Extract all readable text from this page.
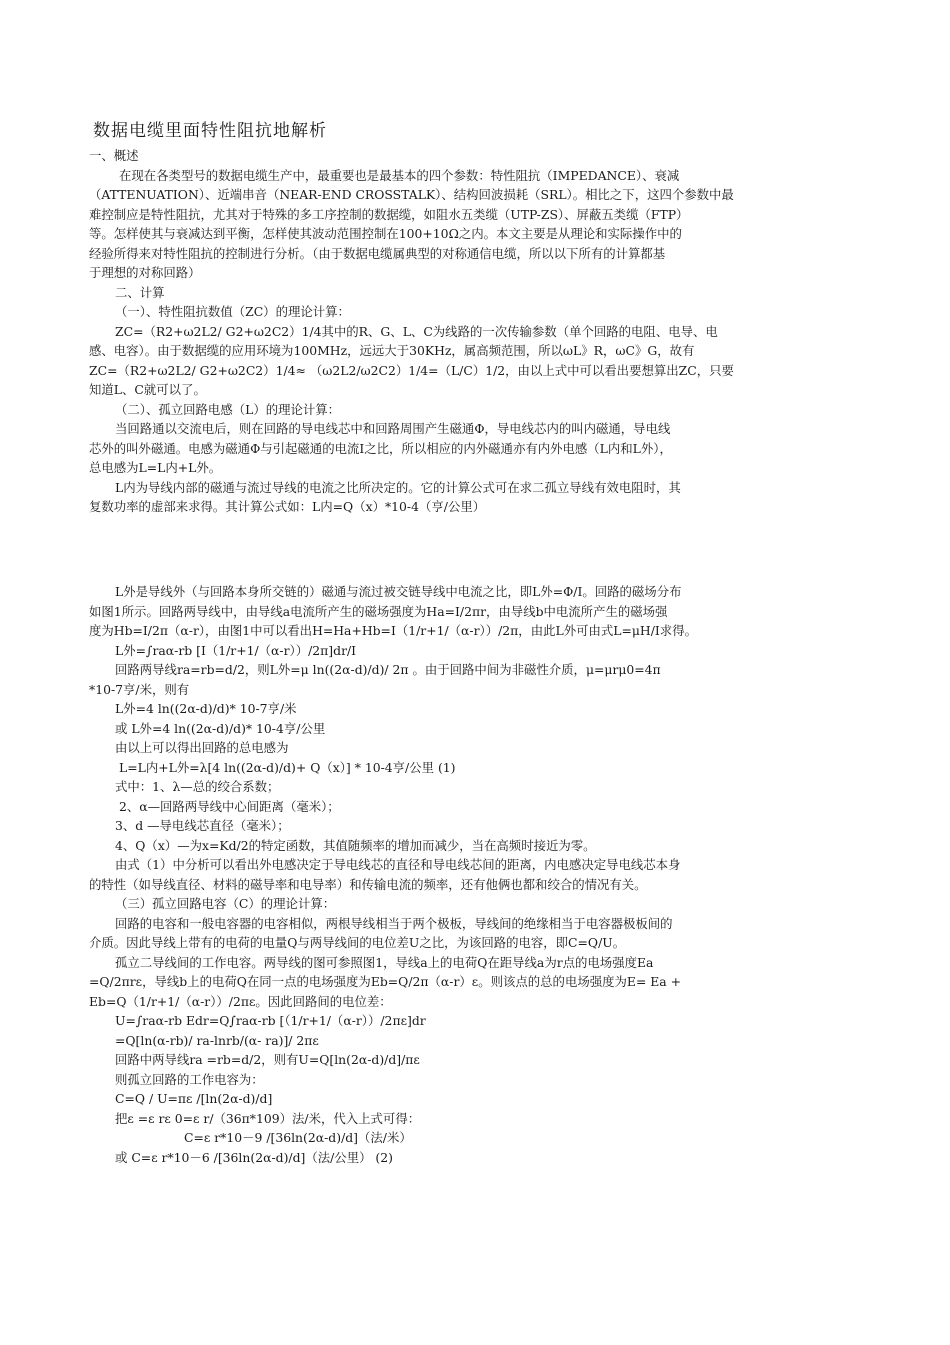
数据电缆里面特性阻抗地解析
一、概述
在现在各类型号的数据电缆生产中，最重要也是最基本的四个参数：特性阻抗（IMPEDANCE）、衰减
（ATTENUATION）、近端串音（NEAR-END CROSSTALK）、结构回波损耗（SRL）。相比之下，这四个参数中最
难控制应是特性阻抗，尤其对于特殊的多工序控制的数据缆，如阻水五类缆（UTP-ZS）、屏蔽五类缆（FTP）
等。怎样使其与衰减达到平衡，怎样使其波动范围控制在100+10Ω之内。本文主要是从理论和实际操作中的
经验所得来对特性阻抗的控制进行分析。（由于数据电缆属典型的对称通信电缆，所以以下所有的计算都基
于理想的对称回路）
二、计算
（一）、特性阻抗数值（ZC）的理论计算：
ZC=（R2+ω2L2/ G2+ω2C2）1/4其中的R、G、L、C为线路的一次传输参数（单个回路的电阻、电导、电
感、电容）。由于数据缆的应用环境为100MHz，远远大于30KHz，属高频范围，所以ωL》R，ωC》G，故有
ZC=（R2+ω2L2/ G2+ω2C2）1/4≈ （ω2L2/ω2C2）1/4=（L/C）1/2，由以上式中可以看出要想算出ZC，只要
知道L、C就可以了。
（二）、孤立回路电感（L）的理论计算：
当回路通以交流电后，则在回路的导电线芯中和回路周围产生磁通Φ，导电线芯内的叫内磁通，导电线
芯外的叫外磁通。电感为磁通Φ与引起磁通的电流I之比，所以相应的内外磁通亦有内外电感（L内和L外），
总电感为L=L内+L外。
L内为导线内部的磁通与流过导线的电流之比所决定的。它的计算公式可在求二孤立导线有效电阻时，其
复数功率的虚部来求得。其计算公式如：L内=Q（x）*10-4（亨/公里）
L外是导线外（与回路本身所交链的）磁通与流过被交链导线中电流之比，即L外=Φ/I。回路的磁场分布
如图1所示。回路两导线中，由导线a电流所产生的磁场强度为Ha=I/2πr，由导线b中电流所产生的磁场强
度为Hb=I/2π（α-r），由图1中可以看出H=Ha+Hb=I（1/r+1/（α-r））/2π，由此L外可由式L=μH/I求得。
L外=∫raα-rb [I（1/r+1/（α-r））/2π]dr/I
回路两导线ra=rb=d/2，则L外=μ ln((2α-d)/d)/ 2π 。由于回路中间为非磁性介质，μ=μrμ0=4π
*10-7亨/米，则有
L外=4 ln((2α-d)/d)* 10-7亨/米
或 L外=4 ln((2α-d)/d)* 10-4亨/公里
由以上可以得出回路的总电感为
L=L内+L外=λ[4 ln((2α-d)/d)+ Q（x）] * 10-4亨/公里 (1)
式中：1、λ—总的绞合系数；
2、α—回路两导线中心间距离（毫米）；
3、d —导电线芯直径（毫米）；
4、Q（x）—为x=Kd/2的特定函数，其值随频率的增加而减少，当在高频时接近为零。
由式（1）中分析可以看出外电感决定于导电线芯的直径和导电线芯间的距离，内电感决定导电线芯本身
的特性（如导线直径、材料的磁导率和电导率）和传输电流的频率，还有他俩也都和绞合的情况有关。
（三）孤立回路电容（C）的理论计算：
回路的电容和一般电容器的电容相似，两根导线相当于两个极板，导线间的绝缘相当于电容器极板间的
介质。因此导线上带有的电荷的电量Q与两导线间的电位差U之比，为该回路的电容，即C=Q/U。
孤立二导线间的工作电容。两导线的图可参照图1，导线a上的电荷Q在距导线a为r点的电场强度Ea
=Q/2πrε，导线b上的电荷Q在同一点的电场强度为Eb=Q/2π（α-r）ε。则该点的总的电场强度为E= Ea +
Eb=Q（1/r+1/（α-r））/2πε。因此回路间的电位差：
U=∫raα-rb Edr=Q∫raα-rb [（1/r+1/（α-r））/2πε]dr
=Q[ln(α-rb)/ ra-lnrb/(α- ra)]/ 2πε
回路中两导线ra =rb=d/2，则有U=Q[ln(2α-d)/d]/πε
则孤立回路的工作电容为：
C=Q / U=πε /[ln(2α-d)/d]
把ε =ε rε 0=ε r/（36π*109）法/米，代入上式可得：
C=ε r*10－9 /[36ln(2α-d)/d]（法/米）
或 C=ε r*10－6 /[36ln(2α-d)/d]（法/公里） (2)
